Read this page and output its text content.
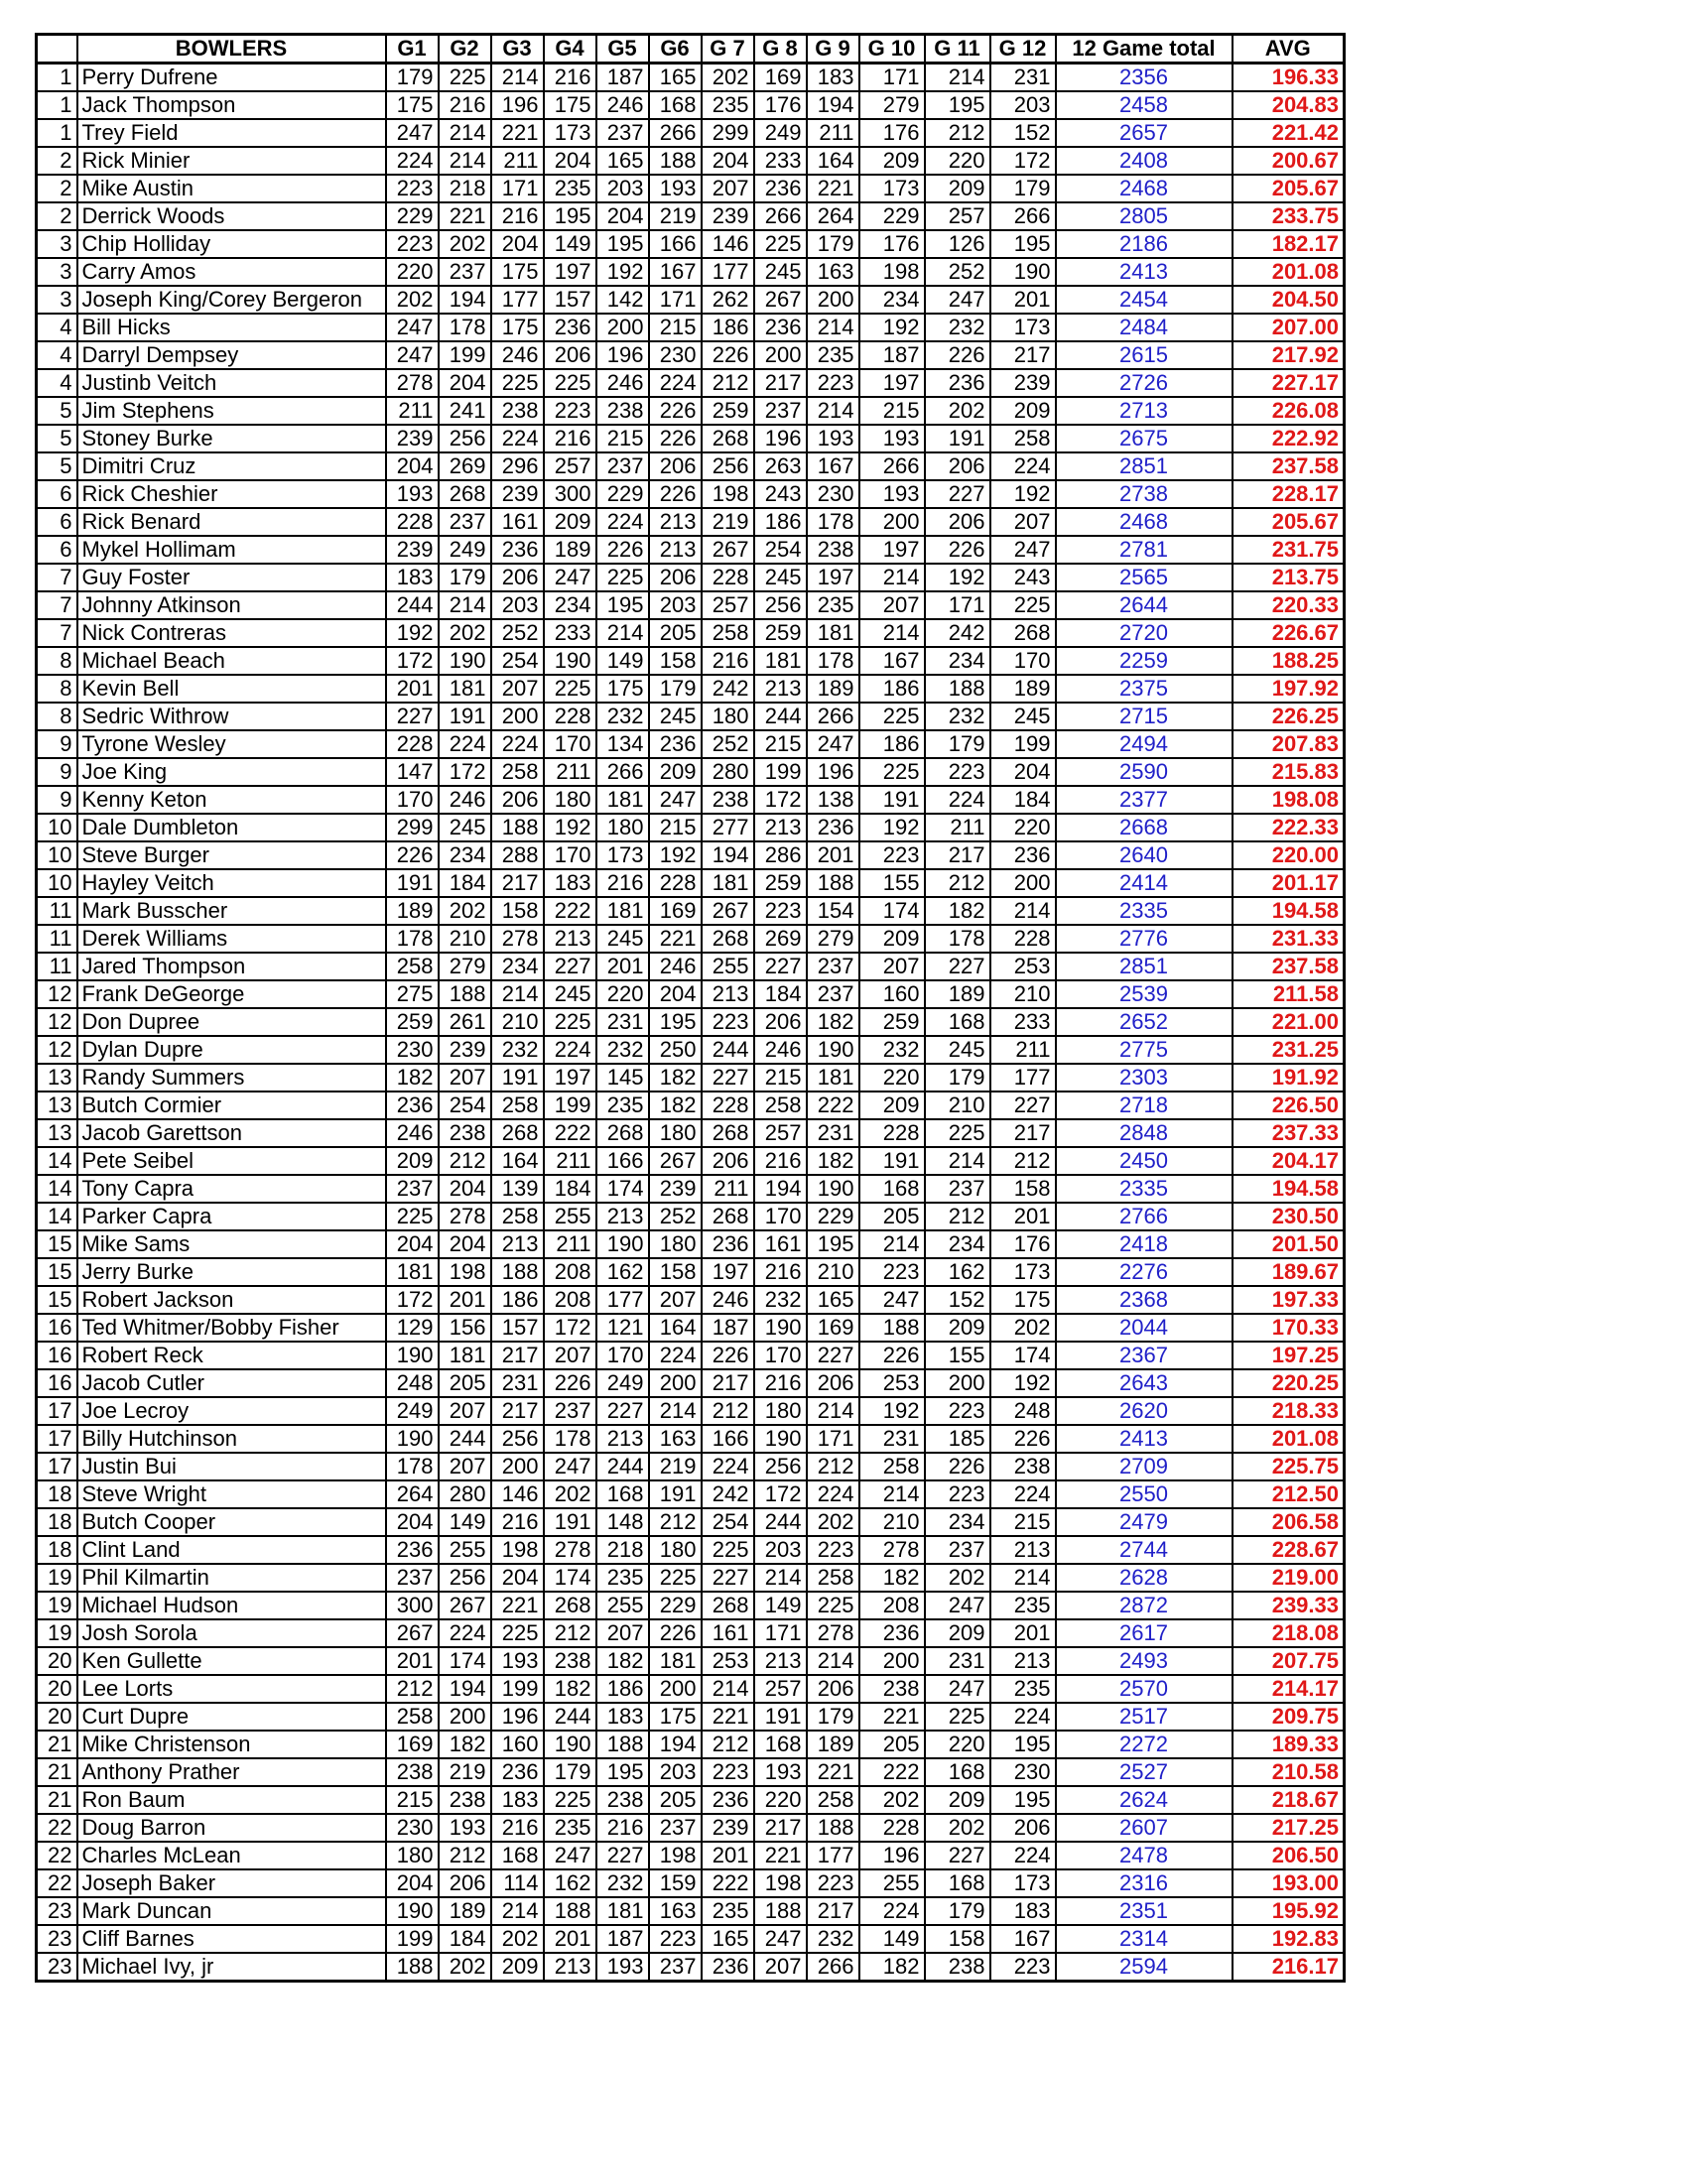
	BOWLERS	G1	G2	G3	G4	G5	G6	G 7	G 8	G 9	G 10	G 11	G 12	12 Game total	AVG
1	Perry Dufrene	179	225	214	216	187	165	202	169	183	171	214	231	2356	196.33
1	Jack Thompson	175	216	196	175	246	168	235	176	194	279	195	203	2458	204.83
1	Trey Field	247	214	221	173	237	266	299	249	211	176	212	152	2657	221.42
2	Rick Minier	224	214	211	204	165	188	204	233	164	209	220	172	2408	200.67
2	Mike Austin	223	218	171	235	203	193	207	236	221	173	209	179	2468	205.67
2	Derrick Woods	229	221	216	195	204	219	239	266	264	229	257	266	2805	233.75
3	Chip Holliday	223	202	204	149	195	166	146	225	179	176	126	195	2186	182.17
3	Carry Amos	220	237	175	197	192	167	177	245	163	198	252	190	2413	201.08
3	Joseph King/Corey Bergeron	202	194	177	157	142	171	262	267	200	234	247	201	2454	204.50
4	Bill Hicks	247	178	175	236	200	215	186	236	214	192	232	173	2484	207.00
4	Darryl Dempsey	247	199	246	206	196	230	226	200	235	187	226	217	2615	217.92
4	Justinb Veitch	278	204	225	225	246	224	212	217	223	197	236	239	2726	227.17
5	Jim Stephens	211	241	238	223	238	226	259	237	214	215	202	209	2713	226.08
5	Stoney Burke	239	256	224	216	215	226	268	196	193	193	191	258	2675	222.92
5	Dimitri Cruz	204	269	296	257	237	206	256	263	167	266	206	224	2851	237.58
6	Rick Cheshier	193	268	239	300	229	226	198	243	230	193	227	192	2738	228.17
6	Rick Benard	228	237	161	209	224	213	219	186	178	200	206	207	2468	205.67
6	Mykel Hollimam	239	249	236	189	226	213	267	254	238	197	226	247	2781	231.75
7	Guy Foster	183	179	206	247	225	206	228	245	197	214	192	243	2565	213.75
7	Johnny Atkinson	244	214	203	234	195	203	257	256	235	207	171	225	2644	220.33
7	Nick Contreras	192	202	252	233	214	205	258	259	181	214	242	268	2720	226.67
8	Michael Beach	172	190	254	190	149	158	216	181	178	167	234	170	2259	188.25
8	Kevin Bell	201	181	207	225	175	179	242	213	189	186	188	189	2375	197.92
8	Sedric Withrow	227	191	200	228	232	245	180	244	266	225	232	245	2715	226.25
9	Tyrone Wesley	228	224	224	170	134	236	252	215	247	186	179	199	2494	207.83
9	Joe King	147	172	258	211	266	209	280	199	196	225	223	204	2590	215.83
9	Kenny Keton	170	246	206	180	181	247	238	172	138	191	224	184	2377	198.08
10	Dale Dumbleton	299	245	188	192	180	215	277	213	236	192	211	220	2668	222.33
10	Steve Burger	226	234	288	170	173	192	194	286	201	223	217	236	2640	220.00
10	Hayley Veitch	191	184	217	183	216	228	181	259	188	155	212	200	2414	201.17
11	Mark Busscher	189	202	158	222	181	169	267	223	154	174	182	214	2335	194.58
11	Derek Williams	178	210	278	213	245	221	268	269	279	209	178	228	2776	231.33
11	Jared Thompson	258	279	234	227	201	246	255	227	237	207	227	253	2851	237.58
12	Frank DeGeorge	275	188	214	245	220	204	213	184	237	160	189	210	2539	211.58
12	Don Dupree	259	261	210	225	231	195	223	206	182	259	168	233	2652	221.00
12	Dylan Dupre	230	239	232	224	232	250	244	246	190	232	245	211	2775	231.25
13	Randy Summers	182	207	191	197	145	182	227	215	181	220	179	177	2303	191.92
13	Butch Cormier	236	254	258	199	235	182	228	258	222	209	210	227	2718	226.50
13	Jacob Garettson	246	238	268	222	268	180	268	257	231	228	225	217	2848	237.33
14	Pete Seibel	209	212	164	211	166	267	206	216	182	191	214	212	2450	204.17
14	Tony Capra	237	204	139	184	174	239	211	194	190	168	237	158	2335	194.58
14	Parker Capra	225	278	258	255	213	252	268	170	229	205	212	201	2766	230.50
15	Mike Sams	204	204	213	211	190	180	236	161	195	214	234	176	2418	201.50
15	Jerry Burke	181	198	188	208	162	158	197	216	210	223	162	173	2276	189.67
15	Robert Jackson	172	201	186	208	177	207	246	232	165	247	152	175	2368	197.33
16	Ted Whitmer/Bobby Fisher	129	156	157	172	121	164	187	190	169	188	209	202	2044	170.33
16	Robert Reck	190	181	217	207	170	224	226	170	227	226	155	174	2367	197.25
16	Jacob Cutler	248	205	231	226	249	200	217	216	206	253	200	192	2643	220.25
17	Joe Lecroy	249	207	217	237	227	214	212	180	214	192	223	248	2620	218.33
17	Billy Hutchinson	190	244	256	178	213	163	166	190	171	231	185	226	2413	201.08
17	Justin Bui	178	207	200	247	244	219	224	256	212	258	226	238	2709	225.75
18	Steve Wright	264	280	146	202	168	191	242	172	224	214	223	224	2550	212.50
18	Butch Cooper	204	149	216	191	148	212	254	244	202	210	234	215	2479	206.58
18	Clint Land	236	255	198	278	218	180	225	203	223	278	237	213	2744	228.67
19	Phil Kilmartin	237	256	204	174	235	225	227	214	258	182	202	214	2628	219.00
19	Michael Hudson	300	267	221	268	255	229	268	149	225	208	247	235	2872	239.33
19	Josh Sorola	267	224	225	212	207	226	161	171	278	236	209	201	2617	218.08
20	Ken Gullette	201	174	193	238	182	181	253	213	214	200	231	213	2493	207.75
20	Lee Lorts	212	194	199	182	186	200	214	257	206	238	247	235	2570	214.17
20	Curt Dupre	258	200	196	244	183	175	221	191	179	221	225	224	2517	209.75
21	Mike Christenson	169	182	160	190	188	194	212	168	189	205	220	195	2272	189.33
21	Anthony Prather	238	219	236	179	195	203	223	193	221	222	168	230	2527	210.58
21	Ron Baum	215	238	183	225	238	205	236	220	258	202	209	195	2624	218.67
22	Doug Barron	230	193	216	235	216	237	239	217	188	228	202	206	2607	217.25
22	Charles McLean	180	212	168	247	227	198	201	221	177	196	227	224	2478	206.50
22	Joseph Baker	204	206	114	162	232	159	222	198	223	255	168	173	2316	193.00
23	Mark Duncan	190	189	214	188	181	163	235	188	217	224	179	183	2351	195.92
23	Cliff Barnes	199	184	202	201	187	223	165	247	232	149	158	167	2314	192.83
23	Michael Ivy, jr	188	202	209	213	193	237	236	207	266	182	238	223	2594	216.17
